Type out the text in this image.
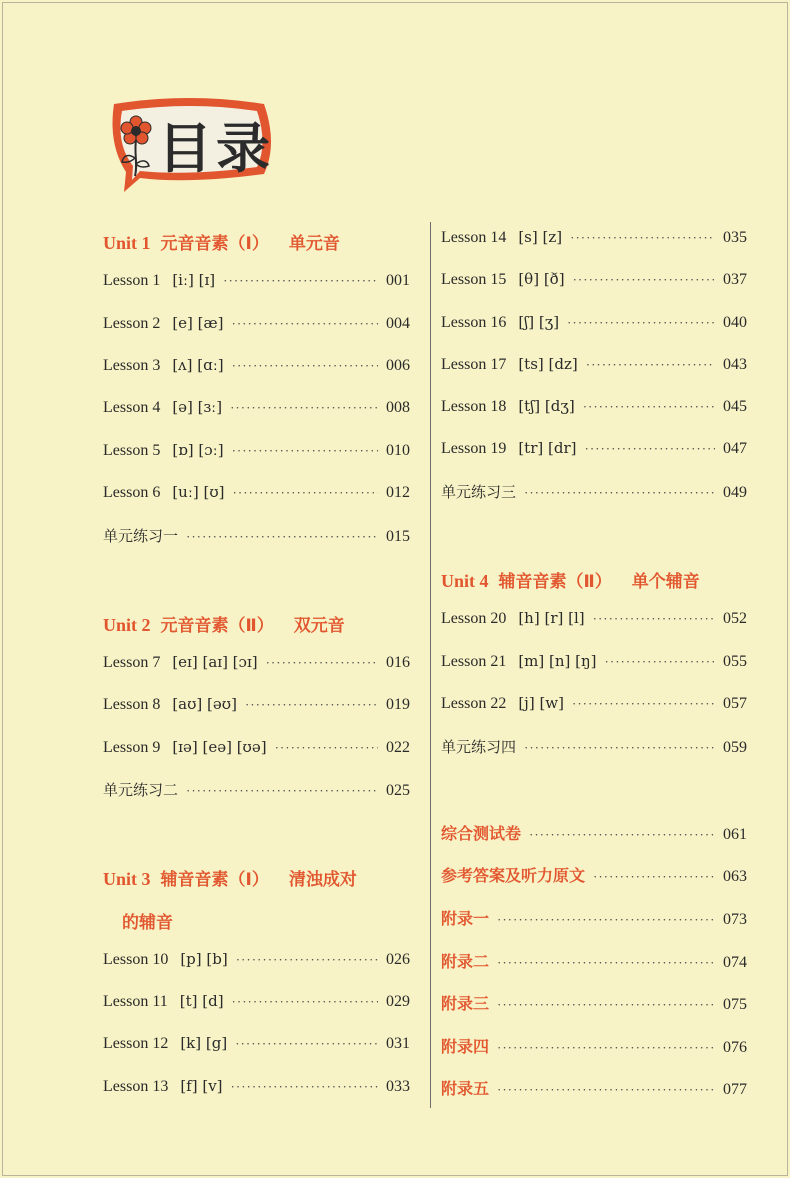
目录
Unit 1 元音音素（Ⅰ） 单元音
Lesson 1 [iː] [ɪ] ·····	001
Lesson 2 [e] [æ] ·····	004
Lesson 3 [ʌ] [ɑː] ·····	006
Lesson 4 [ə] [ɜː] ·····	008
Lesson 5 [ɒ] [ɔː] ·····	010
Lesson 6 [uː] [ʊ] ·····	012
单元练习一 ·····	015
Unit 2 元音音素（Ⅱ） 双元音
Lesson 7 [eɪ] [aɪ] [ɔɪ] ·····	016
Lesson 8 [aʊ] [əʊ] ·····	019
Lesson 9 [ɪə] [eə] [ʊə] ·····	022
单元练习二 ·····	025
Unit 3 辅音音素（Ⅰ） 清浊成对
的辅音
Lesson 10 [p] [b] ·····	026
Lesson 11 [t] [d] ·····	029
Lesson 12 [k] [g] ·····	031
Lesson 13 [f] [v] ·····	033
Lesson 14 [s] [z] ·····	035
Lesson 15 [θ] [ð] ·····	037
Lesson 16 [ʃ] [ʒ] ·····	040
Lesson 17 [ts] [dz] ·····	043
Lesson 18 [tʃ] [dʒ] ·····	045
Lesson 19 [tr] [dr] ·····	047
单元练习三 ·····	049
Unit 4 辅音音素（Ⅱ） 单个辅音
Lesson 20 [h] [r] [l] ·····	052
Lesson 21 [m] [n] [ŋ] ·····	055
Lesson 22 [j] [w] ·····	057
单元练习四 ·····	059
综合测试卷 ·····	061
参考答案及听力原文 ·····	063
附录一 ·····	073
附录二 ·····	074
附录三 ·····	075
附录四 ·····	076
附录五 ·····	077
